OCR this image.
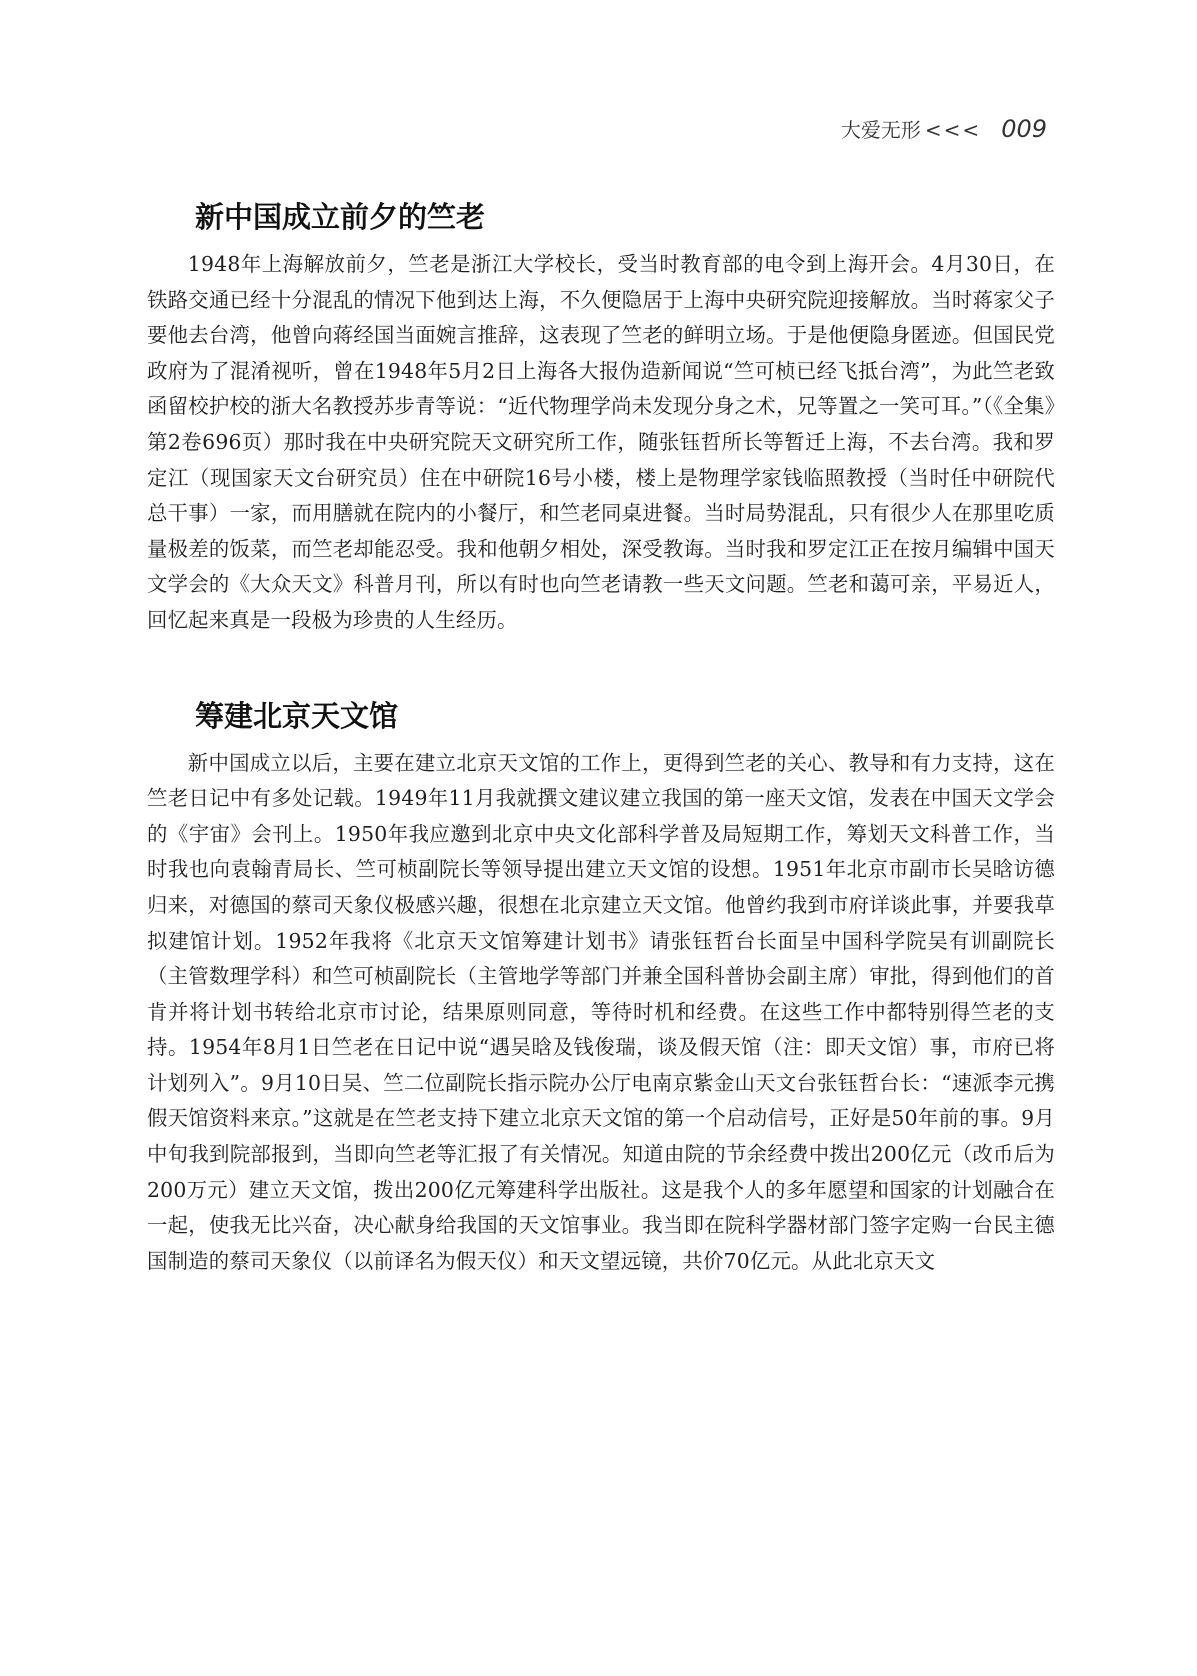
大爱无形 <<< 009
新中国成立前夕的竺老

1948年上海解放前夕，竺老是浙江大学校长，受当时教育部的电令到上海开会。4月30日，在铁路交通已经十分混乱的情况下他到达上海，不久便隐居于上海中央研究院迎接解放。当时蒋家父子要他去台湾，他曾向蒋经国当面婉言推辞，这表现了竺老的鲜明立场。于是他便隐身匿迹。但国民党政府为了混淆视听，曾在1948年5月2日上海各大报伪造新闻说“竺可桢已经飞抵台湾”，为此竺老致函留校护校的浙大名教授苏步青等说：“近代物理学尚未发现分身之术，兄等置之一笑可耳。”（《全集》第2卷696页）那时我在中央研究院天文研究所工作，随张钰哲所长等暂迁上海，不去台湾。我和罗定江（现国家天文台研究员）住在中研院16号小楼，楼上是物理学家钱临照教授（当时任中研院代总干事）一家，而用膳就在院内的小餐厅，和竺老同桌进餐。当时局势混乱，只有很少人在那里吃质量极差的饭菜，而竺老却能忍受。我和他朝夕相处，深受教诲。当时我和罗定江正在按月编辑中国天文学会的《大众天文》科普月刊，所以有时也向竺老请教一些天文问题。竺老和蔼可亲，平易近人，回忆起来真是一段极为珍贵的人生经历。

筹建北京天文馆

新中国成立以后，主要在建立北京天文馆的工作上，更得到竺老的关心、教导和有力支持，这在竺老日记中有多处记载。1949年11月我就撰文建议建立我国的第一座天文馆，发表在中国天文学会的《宇宙》会刊上。1950年我应邀到北京中央文化部科学普及局短期工作，筹划天文科普工作，当时我也向袁翰青局长、竺可桢副院长等领导提出建立天文馆的设想。1951年北京市副市长吴晗访德归来，对德国的蔡司天象仪极感兴趣，很想在北京建立天文馆。他曾约我到市府详谈此事，并要我草拟建馆计划。1952年我将《北京天文馆筹建计划书》请张钰哲台长面呈中国科学院吴有训副院长（主管数理学科）和竺可桢副院长（主管地学等部门并兼全国科普协会副主席）审批，得到他们的首肯并将计划书转给北京市讨论，结果原则同意，等待时机和经费。在这些工作中都特别得竺老的支持。1954年8月1日竺老在日记中说“遇吴晗及钱俊瑞，谈及假天馆（注：即天文馆）事，市府已将计划列入”。9月10日吴、竺二位副院长指示院办公厅电南京紫金山天文台张钰哲台长：“速派李元携假天馆资料来京。”这就是在竺老支持下建立北京天文馆的第一个启动信号，正好是50年前的事。9月中旬我到院部报到，当即向竺老等汇报了有关情况。知道由院的节余经费中拨出200亿元（改币后为200万元）建立天文馆，拨出200亿元筹建科学出版社。这是我个人的多年愿望和国家的计划融合在一起，使我无比兴奋，决心献身给我国的天文馆事业。我当即在院科学器材部门签字定购一台民主德国制造的蔡司天象仪（以前译名为假天仪）和天文望远镜，共价70亿元。从此北京天文
